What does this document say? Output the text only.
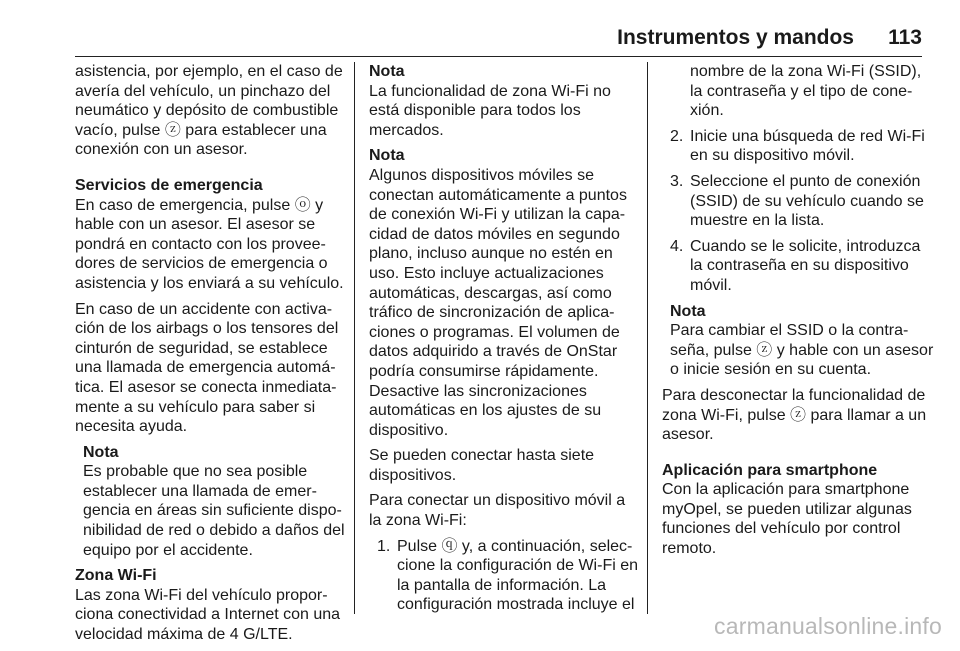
Instrumentos y mandos 113

asistencia, por ejemplo, en el caso de
avería del vehículo, un pinchazo del
neumático y depósito de combustible
vacío, pulse ⓩ para establecer una
conexión con un asesor.

Servicios de emergencia

En caso de emergencia, pulse ⓞ y
hable con un asesor. El asesor se
pondrá en contacto con los provee-
dores de servicios de emergencia o
asistencia y los enviará a su vehículo.

En caso de un accidente con activa-
ción de los airbags o los tensores del
cinturón de seguridad, se establece
una llamada de emergencia automá-
tica. El asesor se conecta inmediata-
mente a su vehículo para saber si
necesita ayuda.

Nota
Es probable que no sea posible
establecer una llamada de emer-
gencia en áreas sin suficiente dispo-
nibilidad de red o debido a daños del
equipo por el accidente.
Zona Wi-Fi

Las zona Wi-Fi del vehículo propor-
ciona conectividad a Internet con una
velocidad máxima de 4 G/LTE.

Nota
La funcionalidad de zona Wi-Fi no
está disponible para todos los
mercados.
Nota
Algunos dispositivos móviles se
conectan automáticamente a puntos
de conexión Wi-Fi y utilizan la capa-
cidad de datos móviles en segundo
plano, incluso aunque no estén en
uso. Esto incluye actualizaciones
automáticas, descargas, así como
tráfico de sincronización de aplica-
ciones o programas. El volumen de
datos adquirido a través de OnStar
podría consumirse rápidamente.
Desactive las sincronizaciones
automáticas en los ajustes de su
dispositivo.

Se pueden conectar hasta siete
dispositivos.

Para conectar un dispositivo móvil a
la zona Wi-Fi:

1. Pulse ⓠ y, a continuación, selec-
cione la configuración de Wi-Fi en
la pantalla de información. La
configuración mostrada incluye el
nombre de la zona Wi-Fi (SSID),
la contraseña y el tipo de cone-
xión.
2. Inicie una búsqueda de red Wi-Fi
en su dispositivo móvil.
3. Seleccione el punto de conexión
(SSID) de su vehículo cuando se
muestre en la lista.
4. Cuando se le solicite, introduzca
la contraseña en su dispositivo
móvil.
Nota
Para cambiar el SSID o la contra-
seña, pulse ⓩ y hable con un asesor
o inicie sesión en su cuenta.

Para desconectar la funcionalidad de
zona Wi-Fi, pulse ⓩ para llamar a un
asesor.

Aplicación para smartphone

Con la aplicación para smartphone
myOpel, se pueden utilizar algunas
funciones del vehículo por control
remoto.

carmanualsonline.info
